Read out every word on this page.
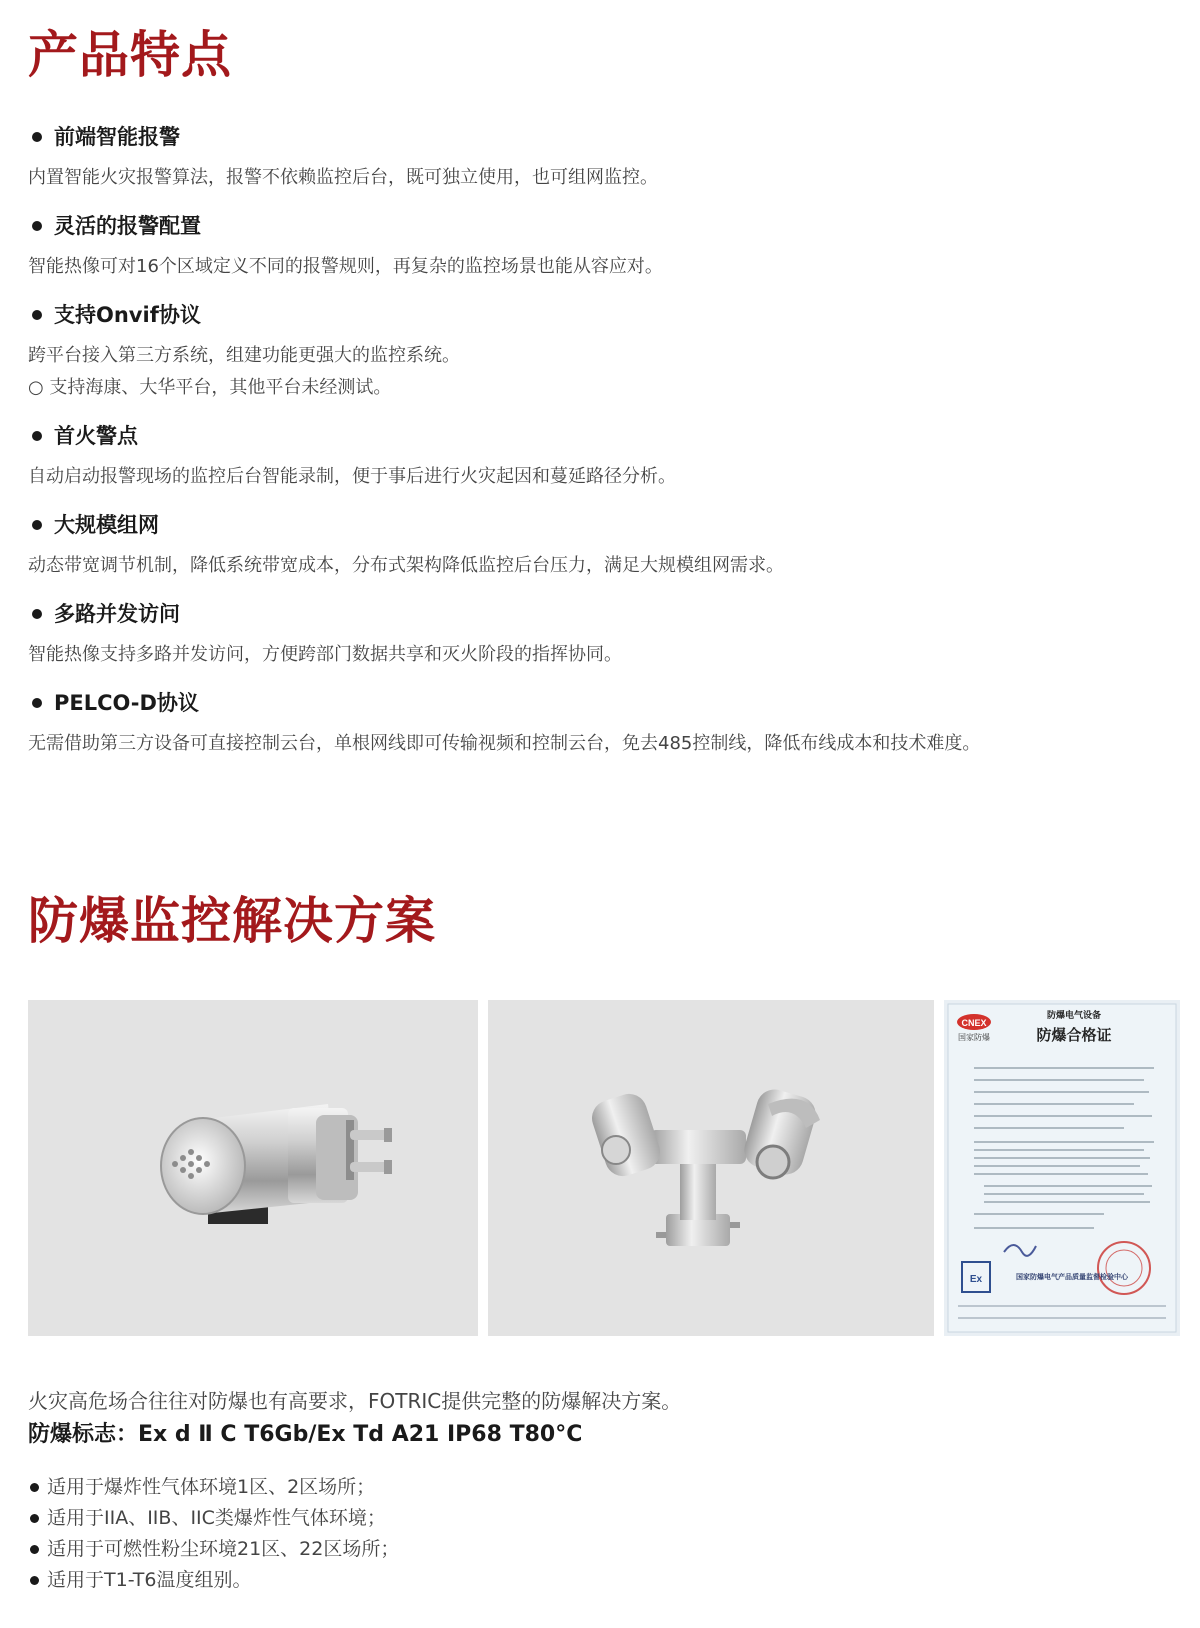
产品特点
前端智能报警
内置智能火灾报警算法，报警不依赖监控后台，既可独立使用，也可组网监控。
灵活的报警配置
智能热像可对16个区域定义不同的报警规则，再复杂的监控场景也能从容应对。
支持Onvif协议
跨平台接入第三方系统，组建功能更强大的监控系统。
○ 支持海康、大华平台，其他平台未经测试。
首火警点
自动启动报警现场的监控后台智能录制，便于事后进行火灾起因和蔓延路径分析。
大规模组网
动态带宽调节机制，降低系统带宽成本，分布式架构降低监控后台压力，满足大规模组网需求。
多路并发访问
智能热像支持多路并发访问，方便跨部门数据共享和灭火阶段的指挥协同。
PELCO-D协议
无需借助第三方设备可直接控制云台，单根网线即可传输视频和控制云台，免去485控制线，降低布线成本和技术难度。
防爆监控解决方案
CNEX
国家防爆
防爆电气设备
防爆合格证
Ex	国家防爆电气产品质量监督检验中心

火灾高危场合往往对防爆也有高要求，FOTRIC提供完整的防爆解决方案。

防爆标志：Ex d Ⅱ C T6Gb/Ex Td A21 IP68 T80°C
适用于爆炸性气体环境1区、2区场所；
适用于IIA、IIB、IIC类爆炸性气体环境；
适用于可燃性粉尘环境21区、22区场所；
适用于T1-T6温度组别。
